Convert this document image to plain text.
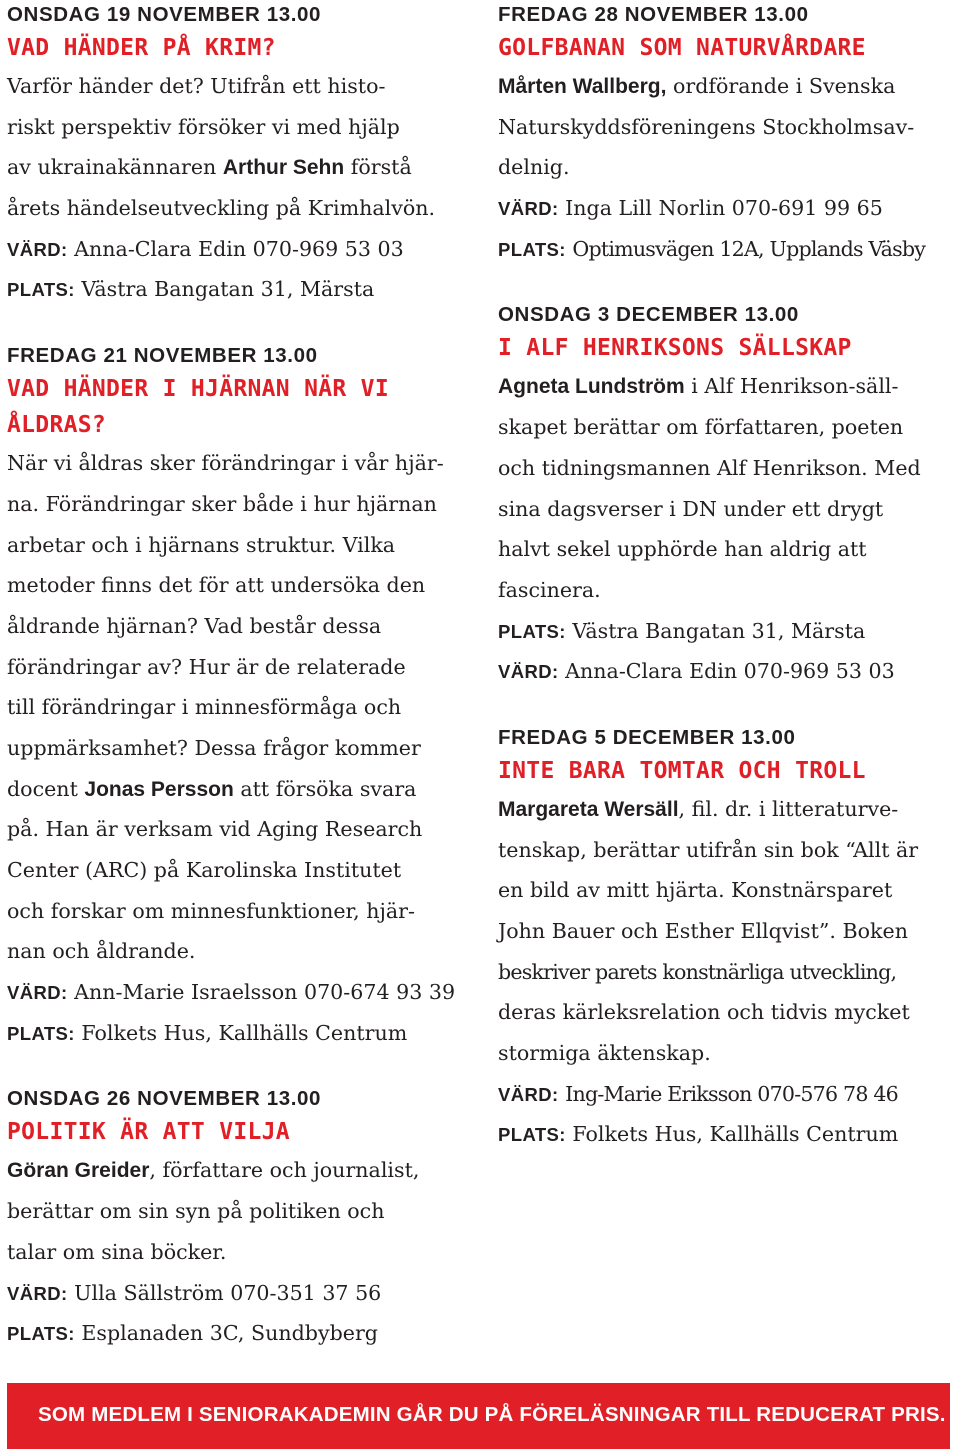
ONSDAG 19 NOVEMBER 13.00
VAD HÄNDER PÅ KRIM?
Varför händer det? Utifrån ett histo-
riskt perspektiv försöker vi med hjälp
av ukrainakännaren Arthur Sehn förstå
årets händelseutveckling på Krimhalvön.
VÄRD: Anna-Clara Edin 070-969 53 03
PLATS: Västra Bangatan 31, Märsta
FREDAG 21 NOVEMBER 13.00
VAD HÄNDER I HJÄRNAN NÄR VI
ÅLDRAS?
När vi åldras sker förändringar i vår hjär-
na. Förändringar sker både i hur hjärnan
arbetar och i hjärnans struktur. Vilka
metoder finns det för att undersöka den
åldrande hjärnan? Vad består dessa
förändringar av? Hur är de relaterade
till förändringar i minnesförmåga och
uppmärksamhet? Dessa frågor kommer
docent Jonas Persson att försöka svara
på. Han är verksam vid Aging Research
Center (ARC) på Karolinska Institutet
och forskar om minnesfunktioner, hjär-
nan och åldrande.
VÄRD: Ann-Marie Israelsson 070-674 93 39
PLATS: Folkets Hus, Kallhälls Centrum
ONSDAG 26 NOVEMBER 13.00
POLITIK ÄR ATT VILJA
Göran Greider, författare och journalist,
berättar om sin syn på politiken och
talar om sina böcker.
VÄRD: Ulla Sällström 070-351 37 56
PLATS: Esplanaden 3C, Sundbyberg
FREDAG 28 NOVEMBER 13.00
GOLFBANAN SOM NATURVÅRDARE
Mårten Wallberg, ordförande i Svenska
Naturskyddsföreningens Stockholmsav-
delnig.
VÄRD: Inga Lill Norlin 070-691 99 65
PLATS: Optimusvägen 12A, Upplands Väsby
ONSDAG 3 DECEMBER 13.00
I ALF HENRIKSONS SÄLLSKAP
Agneta Lundström i Alf Henrikson-säll-
skapet berättar om författaren, poeten
och tidningsmannen Alf Henrikson. Med
sina dagsverser i DN under ett drygt
halvt sekel upphörde han aldrig att
fascinera.
PLATS: Västra Bangatan 31, Märsta
VÄRD: Anna-Clara Edin 070-969 53 03
FREDAG 5 DECEMBER 13.00
INTE BARA TOMTAR OCH TROLL
Margareta Wersäll, fil. dr. i litteraturve-
tenskap, berättar utifrån sin bok “Allt är
en bild av mitt hjärta. Konstnärsparet
John Bauer och Esther Ellqvist”. Boken
beskriver parets konstnärliga utveckling,
deras kärleksrelation och tidvis mycket
stormiga äktenskap.
VÄRD: Ing-Marie Eriksson 070-576 78 46
PLATS: Folkets Hus, Kallhälls Centrum
SOM MEDLEM I SENIORAKADEMIN GÅR DU PÅ FÖRELÄSNINGAR TILL REDUCERAT PRIS.
